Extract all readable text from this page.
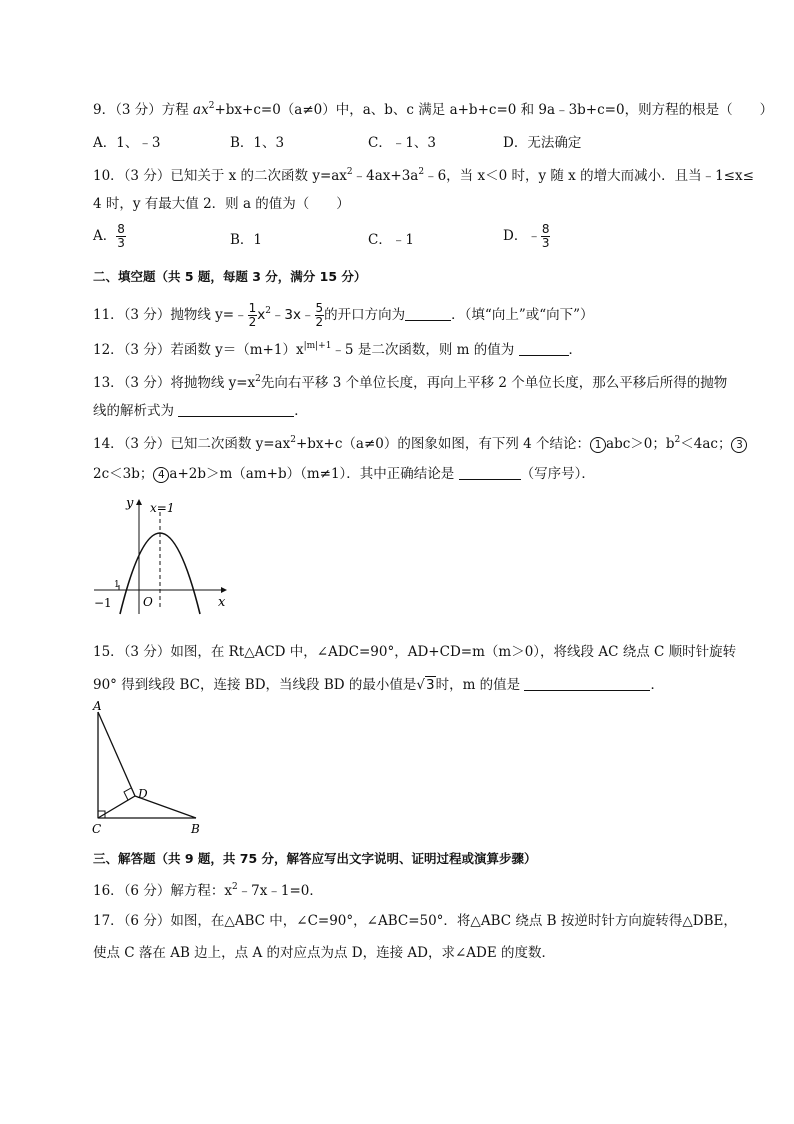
9．（3 分）方程 $ax^2+bx+c=0(a\ne 0)$中，a、b、c 满足 a+b+c=0 和 9a﹣3b+c=0，则方程的根是（　　）
A．1、﹣3	B．1、3	C．﹣1、3	D．无法确定
10．（3 分）已知关于 x 的二次函数 $y=ax^2﹣4ax+3a^2﹣6$，当 x＜0 时，y 随 x 的增大而减小．且当﹣1≤x≤
4 时，y 有最大值 2．则 a 的值为（　　）
A． $\frac{8}{3}$	B．1	C．﹣1	D．﹣ $\frac{8}{3}$
二、填空题（共 5 题，每题 3 分，满分 15 分）
11．（3 分）抛物线 y=﹣ $\frac{1}{2}$ $x^2﹣3x﹣ \frac{5}{2}$ 的开口方向为	．（填“向上”或“向下”）
12．（3 分）若函数 $y=(m+1)x^{|m|+1}﹣5$ 是二次函数，则 m 的值为	．
13．（3 分）将抛物线 $y=x^2$先向右平移 3 个单位长度，再向上平移 2 个单位长度，那么平移后所得的抛物
线的解析式为	．
14．（3 分）已知二次函数 $y=ax^2+bx+c(a\ne 0)$的图象如图，有下列 4 个结论： 1 abc＞0；$b^2<4ac$； 3
2c＜3b； 4 a+2b＞m（am+b）（m≠1）．其中正确结论是	（写序号）．
y
x
x=1
O
−1
1
15．（3 分）如图，在 Rt△ACD 中，∠ADC=90°，AD+CD=m（m＞0），将线段 AC 绕点 C 顺时针旋转
90° 得到线段 BC，连接 BD，当线段 BD 的最小值是√3时，m 的值是	．
A
B
C
D
三、解答题（共 9 题，共 75 分，解答应写出文字说明、证明过程或演算步骤）
16．（6 分）解方程：$x^2﹣7x﹣1=0$．
17．（6 分）如图，在△ABC 中，∠C=90°，∠ABC=50°．将△ABC 绕点 B 按逆时针方向旋转得△DBE，
使点 C 落在 AB 边上，点 A 的对应点为点 D，连接 AD，求∠ADE 的度数．
